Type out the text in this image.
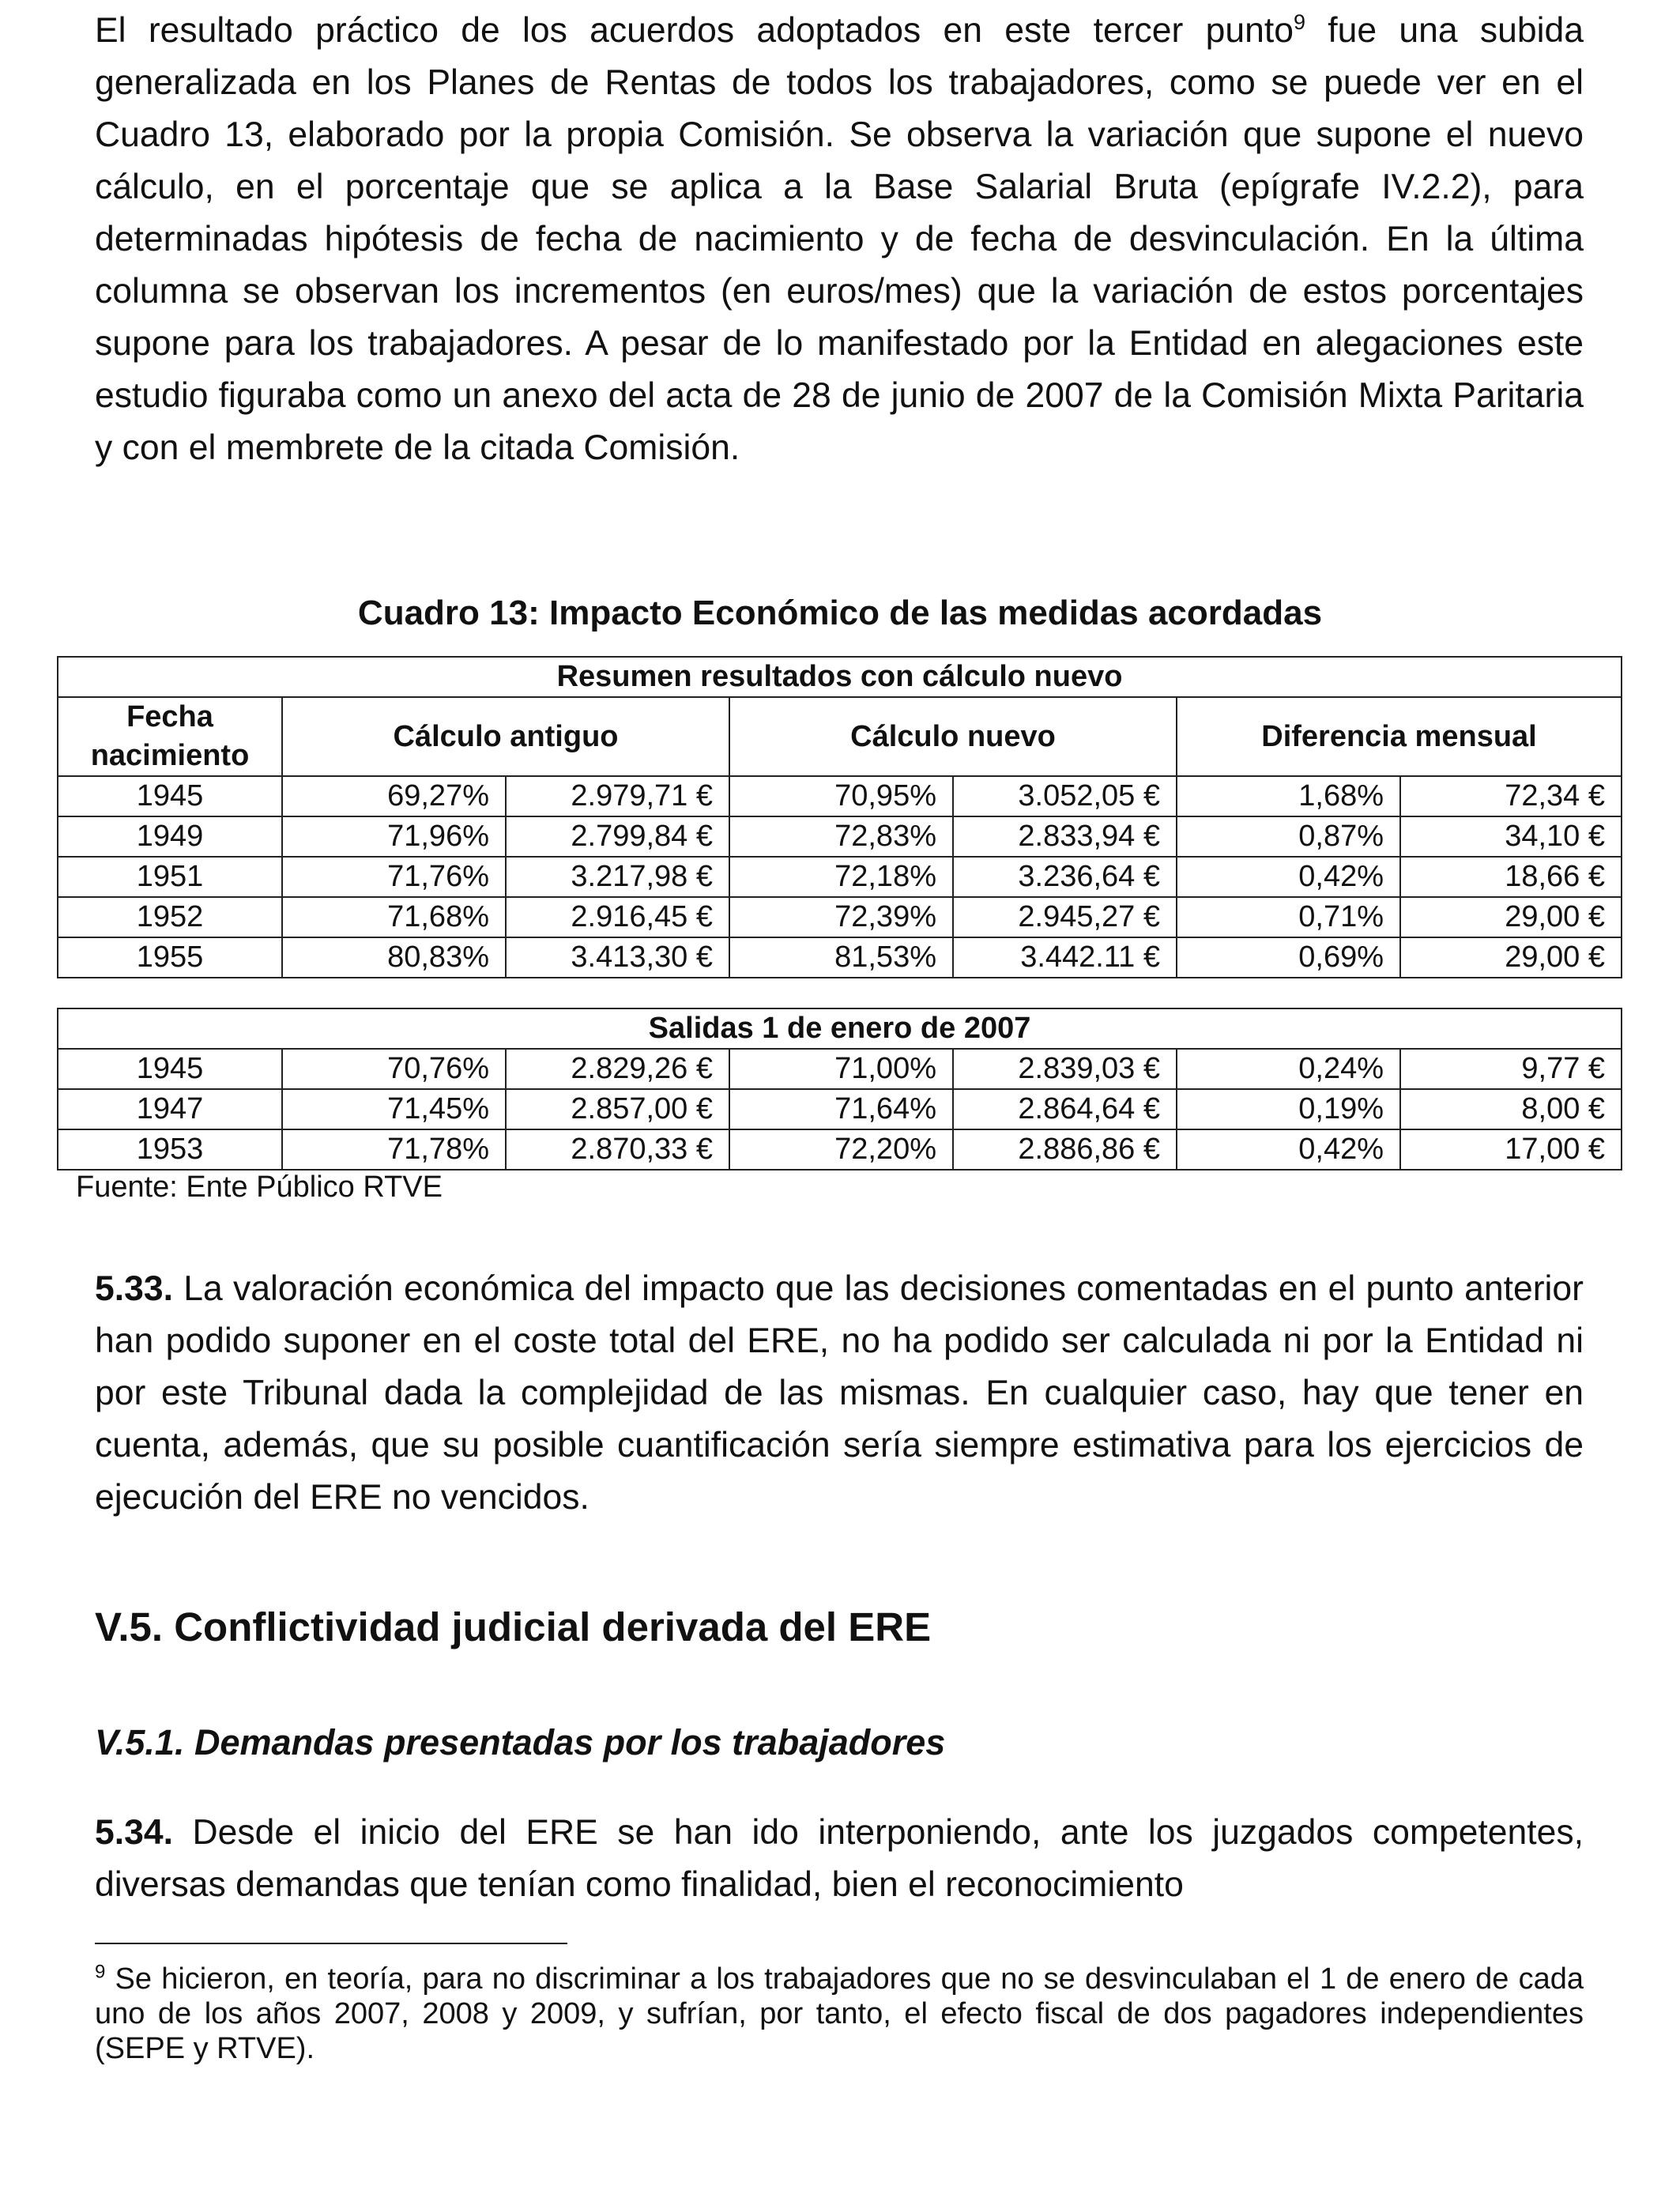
El resultado práctico de los acuerdos adoptados en este tercer punto$^9$ fue una subida generalizada en los Planes de Rentas de todos los trabajadores, como se puede ver en el Cuadro 13, elaborado por la propia Comisión. Se observa la variación que supone el nuevo cálculo, en el porcentaje que se aplica a la Base Salarial Bruta (epígrafe IV.2.2), para determinadas hipótesis de fecha de nacimiento y de fecha de desvinculación. En la última columna se observan los incrementos (en euros/mes) que la variación de estos porcentajes supone para los trabajadores. A pesar de lo manifestado por la Entidad en alegaciones este estudio figuraba como un anexo del acta de 28 de junio de 2007 de la Comisión Mixta Paritaria y con el membrete de la citada Comisión.

Cuadro 13: Impacto Económico de las medidas acordadas
Resumen resultados con cálculo nuevo						
Fecha
nacimiento	Cálculo antiguo		Cálculo nuevo		Diferencia mensual	
1945	69,27%	2.979,71 €	70,95%	3.052,05 €	1,68%	72,34 €
1949	71,96%	2.799,84 €	72,83%	2.833,94 €	0,87%	34,10 €
1951	71,76%	3.217,98 €	72,18%	3.236,64 €	0,42%	18,66 €
1952	71,68%	2.916,45 €	72,39%	2.945,27 €	0,71%	29,00 €
1955	80,83%	3.413,30 €	81,53%	3.442.11 €	0,69%	29,00 €
Salidas 1 de enero de 2007						
1945	70,76%	2.829,26 €	71,00%	2.839,03 €	0,24%	9,77 €
1947	71,45%	2.857,00 €	71,64%	2.864,64 €	0,19%	8,00 €
1953	71,78%	2.870,33 €	72,20%	2.886,86 €	0,42%	17,00 €

Fuente: Ente Público RTVE

5.33. La valoración económica del impacto que las decisiones comentadas en el punto anterior han podido suponer en el coste total del ERE, no ha podido ser calculada ni por la Entidad ni por este Tribunal dada la complejidad de las mismas. En cualquier caso, hay que tener en cuenta, además, que su posible cuantificación sería siempre estimativa para los ejercicios de ejecución del ERE no vencidos.

V.5. Conflictividad judicial derivada del ERE
V.5.1. Demandas presentadas por los trabajadores

5.34. Desde el inicio del ERE se han ido interponiendo, ante los juzgados competentes, diversas demandas que tenían como finalidad, bien el reconocimiento

$^9$ Se hicieron, en teoría, para no discriminar a los trabajadores que no se desvinculaban el 1 de enero de cada uno de los años 2007, 2008 y 2009, y sufrían, por tanto, el efecto fiscal de dos pagadores independientes (SEPE y RTVE).
